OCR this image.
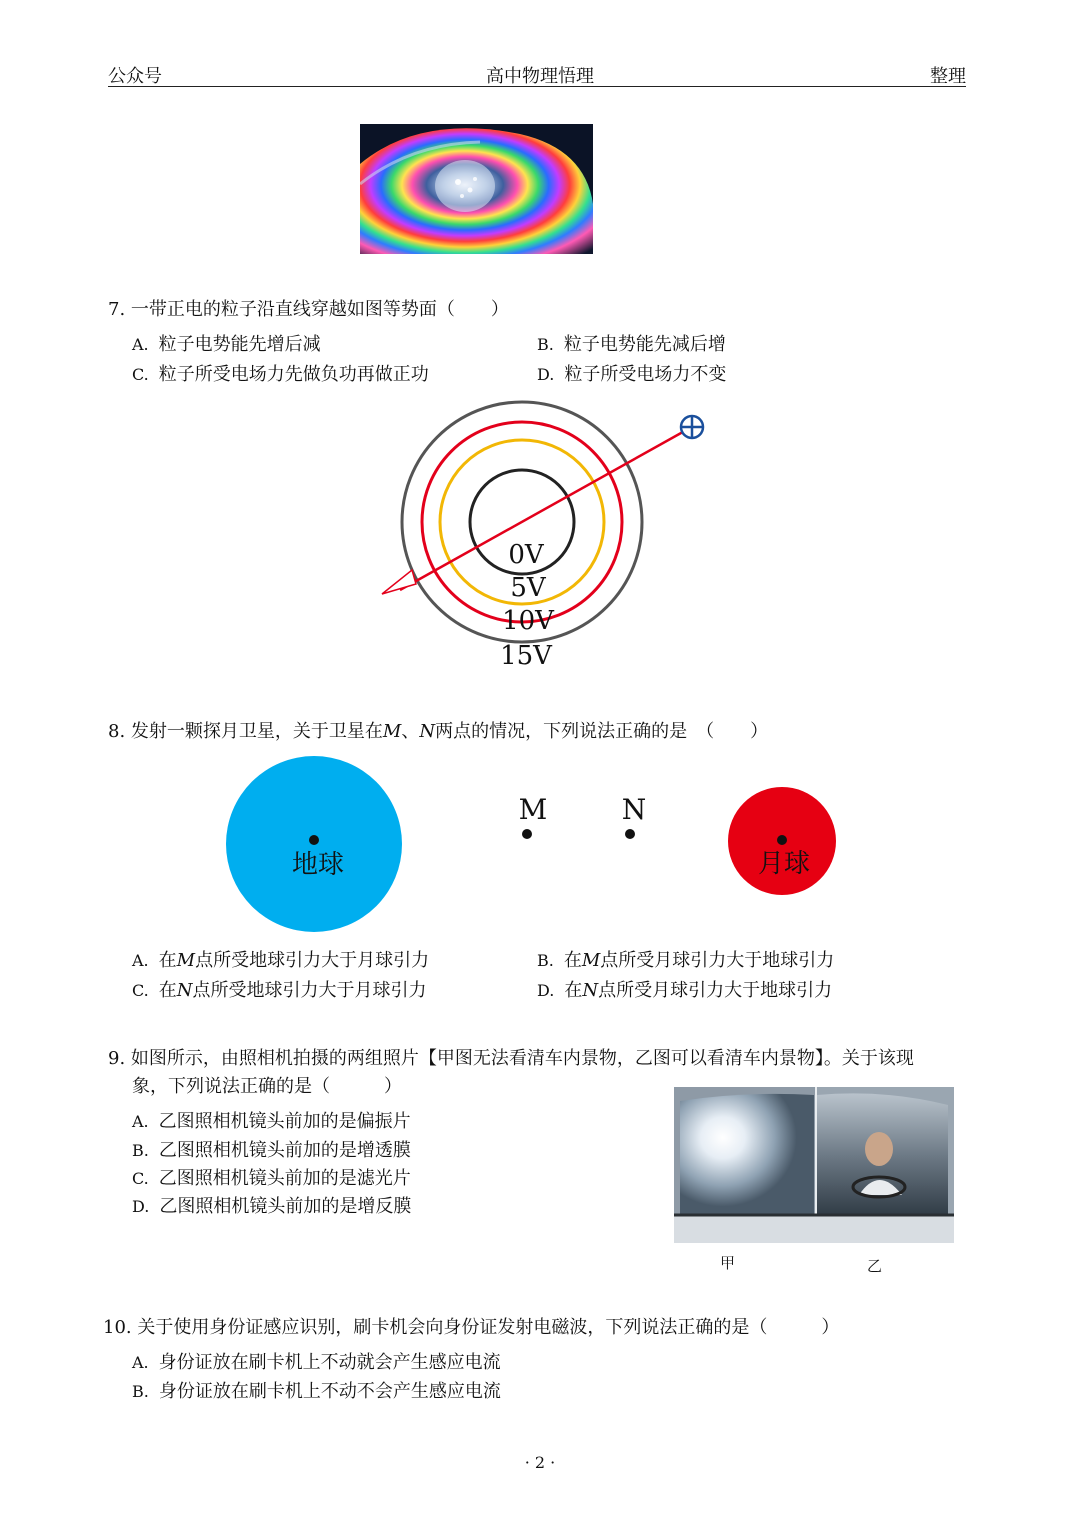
公众号	高中物理悟理	整理
7. 一带正电的粒子沿直线穿越如图等势面（　　）
A. 粒子电势能先增后减	B. 粒子电势能先减后增
C. 粒子所受电场力先做负功再做正功	D. 粒子所受电场力不变
0V
5V
10V
15V
8. 发射一颗探月卫星，关于卫星在M、N两点的情况，下列说法正确的是　（　　）
地球
M	N
月球
A. 在M点所受地球引力大于月球引力	B. 在M点所受月球引力大于地球引力
C. 在N点所受地球引力大于月球引力	D. 在N点所受月球引力大于地球引力
9. 如图所示，由照相机拍摄的两组照片【甲图无法看清车内景物，乙图可以看清车内景物】。关于该现
象，下列说法正确的是（　　　）
A. 乙图照相机镜头前加的是偏振片
B. 乙图照相机镜头前加的是增透膜
C. 乙图照相机镜头前加的是滤光片
D. 乙图照相机镜头前加的是增反膜
甲	乙
10. 关于使用身份证感应识别，刷卡机会向身份证发射电磁波，下列说法正确的是（　　　）
A. 身份证放在刷卡机上不动就会产生感应电流
B. 身份证放在刷卡机上不动不会产生感应电流
· 2 ·
